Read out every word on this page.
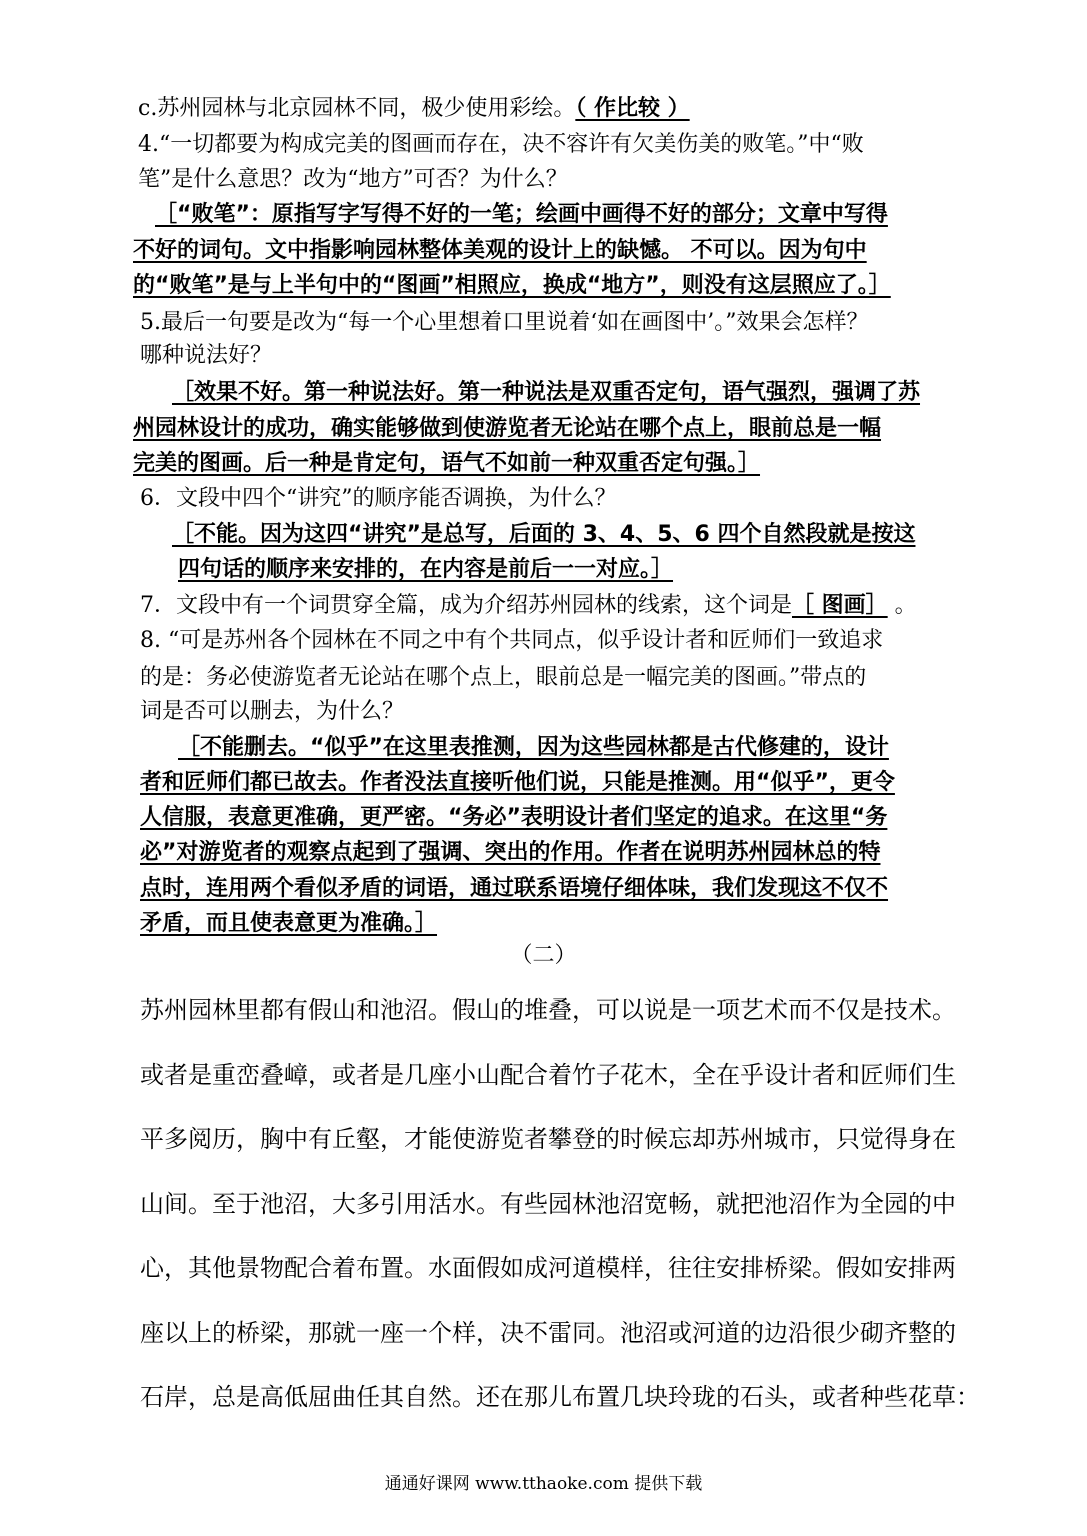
c.苏州园林与北京园林不同，极少使用彩绘。（ 作比较 ）
4.“一切都要为构成完美的图画而存在，决不容许有欠美伤美的败笔。”中“败
笔”是什么意思？改为“地方”可否？为什么？
［“败笔”：原指写字写得不好的一笔；绘画中画得不好的部分；文章中写得
不好的词句。文中指影响园林整体美观的设计上的缺憾。 不可以。因为句中
的“败笔”是与上半句中的“图画”相照应，换成“地方”，则没有这层照应了。］
5.最后一句要是改为“每一个心里想着口里说着‘如在画图中’。”效果会怎样？
哪种说法好？
［效果不好。第一种说法好。第一种说法是双重否定句，语气强烈，强调了苏
州园林设计的成功，确实能够做到使游览者无论站在哪个点上，眼前总是一幅
完美的图画。后一种是肯定句，语气不如前一种双重否定句强。］
6．文段中四个“讲究”的顺序能否调换，为什么？
［不能。因为这四“讲究”是总写，后面的 3、4、5、6 四个自然段就是按这
四句话的顺序来安排的，在内容是前后一一对应。］
7．文段中有一个词贯穿全篇，成为介绍苏州园林的线索，这个词是［ 图画］ 。
8. “可是苏州各个园林在不同之中有个共同点，似乎设计者和匠师们一致追求
的是：务必使游览者无论站在哪个点上，眼前总是一幅完美的图画。”带点的
词是否可以删去，为什么？
［不能删去。“似乎”在这里表推测，因为这些园林都是古代修建的，设计
者和匠师们都已故去。作者没法直接听他们说，只能是推测。用“似乎”，更令
人信服，表意更准确，更严密。“务必”表明设计者们坚定的追求。在这里“务
必”对游览者的观察点起到了强调、突出的作用。作者在说明苏州园林总的特
点时，连用两个看似矛盾的词语，通过联系语境仔细体味，我们发现这不仅不
矛盾，而且使表意更为准确。］
（二）
苏州园林里都有假山和池沼。假山的堆叠，可以说是一项艺术而不仅是技术。
或者是重峦叠嶂，或者是几座小山配合着竹子花木，全在乎设计者和匠师们生
平多阅历，胸中有丘壑，才能使游览者攀登的时候忘却苏州城市，只觉得身在
山间。至于池沼，大多引用活水。有些园林池沼宽畅，就把池沼作为全园的中
心，其他景物配合着布置。水面假如成河道模样，往往安排桥梁。假如安排两
座以上的桥梁，那就一座一个样，决不雷同。池沼或河道的边沿很少砌齐整的
石岸，总是高低屈曲任其自然。还在那儿布置几块玲珑的石头，或者种些花草：
通通好课网 www.tthaoke.com 提供下载
